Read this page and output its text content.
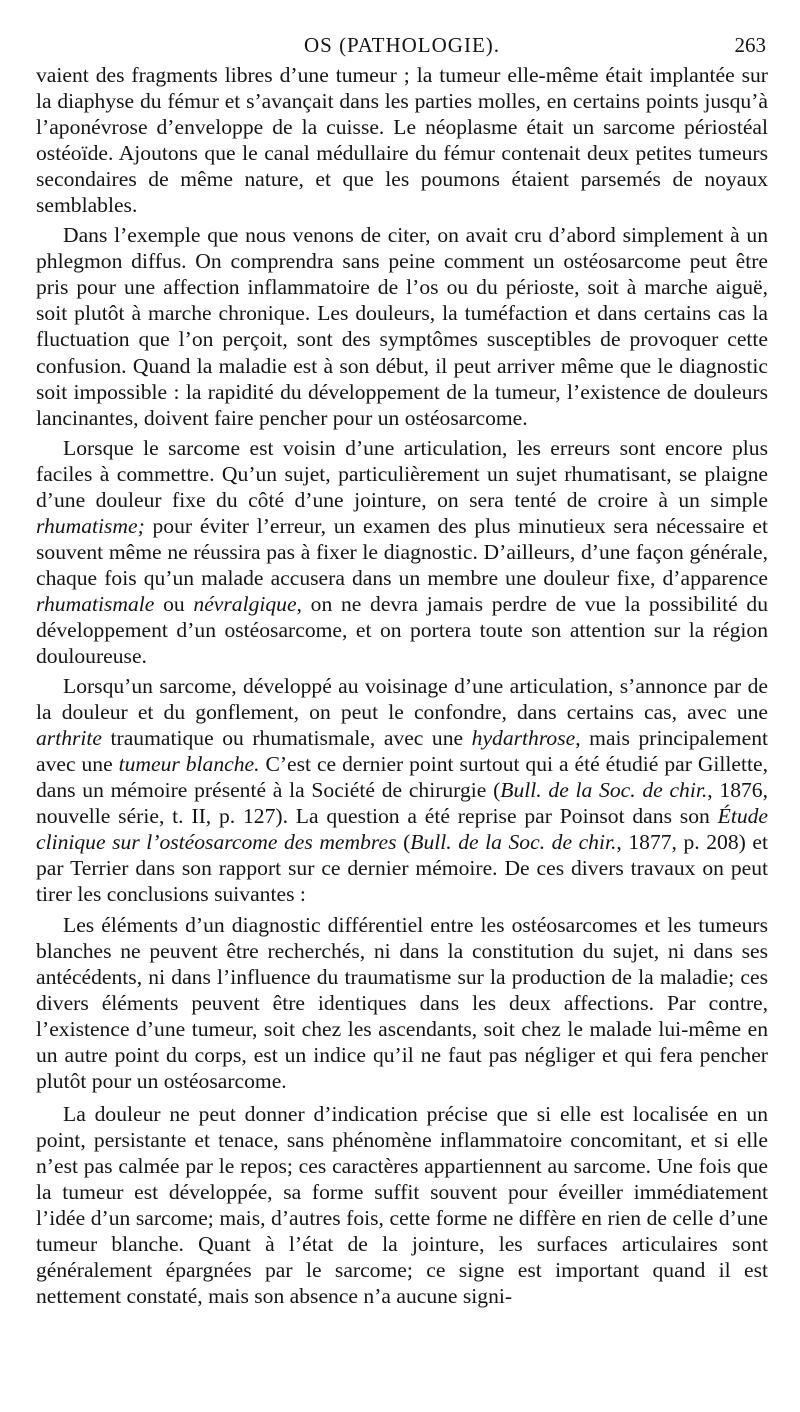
OS (PATHOLOGIE).	263

vaient des fragments libres d’une tumeur ; la tumeur elle-même était implantée sur la diaphyse du fémur et s’avançait dans les parties molles, en certains points jusqu’à l’aponévrose d’enveloppe de la cuisse. Le néoplasme était un sarcome périostéal ostéoïde. Ajoutons que le canal médullaire du fémur contenait deux petites tumeurs secondaires de même nature, et que les poumons étaient parsemés de noyaux semblables.

Dans l’exemple que nous venons de citer, on avait cru d’abord simplement à un phlegmon diffus. On comprendra sans peine comment un ostéosarcome peut être pris pour une affection inflammatoire de l’os ou du périoste, soit à marche aiguë, soit plutôt à marche chronique. Les douleurs, la tuméfaction et dans certains cas la fluctuation que l’on perçoit, sont des symptômes susceptibles de provoquer cette confusion. Quand la maladie est à son début, il peut arriver même que le diagnostic soit impossible : la rapidité du développement de la tumeur, l’existence de douleurs lancinantes, doivent faire pencher pour un ostéosarcome.

Lorsque le sarcome est voisin d’une articulation, les erreurs sont encore plus faciles à commettre. Qu’un sujet, particulièrement un sujet rhumatisant, se plaigne d’une douleur fixe du côté d’une jointure, on sera tenté de croire à un simple rhumatisme; pour éviter l’erreur, un examen des plus minutieux sera nécessaire et souvent même ne réussira pas à fixer le diagnostic. D’ailleurs, d’une façon générale, chaque fois qu’un malade accusera dans un membre une douleur fixe, d’apparence rhumatismale ou névralgique, on ne devra jamais perdre de vue la possibilité du développement d’un ostéosarcome, et on portera toute son attention sur la région douloureuse.

Lorsqu’un sarcome, développé au voisinage d’une articulation, s’annonce par de la douleur et du gonflement, on peut le confondre, dans certains cas, avec une arthrite traumatique ou rhumatismale, avec une hydarthrose, mais principalement avec une tumeur blanche. C’est ce dernier point surtout qui a été étudié par Gillette, dans un mémoire présenté à la Société de chirurgie (Bull. de la Soc. de chir., 1876, nouvelle série, t. II, p. 127). La question a été reprise par Poinsot dans son Étude clinique sur l’ostéosarcome des membres (Bull. de la Soc. de chir., 1877, p. 208) et par Terrier dans son rapport sur ce dernier mémoire. De ces divers travaux on peut tirer les conclusions suivantes :

Les éléments d’un diagnostic différentiel entre les ostéosarcomes et les tumeurs blanches ne peuvent être recherchés, ni dans la constitution du sujet, ni dans ses antécédents, ni dans l’influence du traumatisme sur la production de la maladie; ces divers éléments peuvent être identiques dans les deux affections. Par contre, l’existence d’une tumeur, soit chez les ascendants, soit chez le malade lui-même en un autre point du corps, est un indice qu’il ne faut pas négliger et qui fera pencher plutôt pour un ostéosarcome.

La douleur ne peut donner d’indication précise que si elle est localisée en un point, persistante et tenace, sans phénomène inflammatoire concomitant, et si elle n’est pas calmée par le repos; ces caractères appartiennent au sarcome. Une fois que la tumeur est développée, sa forme suffit souvent pour éveiller immédiatement l’idée d’un sarcome; mais, d’autres fois, cette forme ne diffère en rien de celle d’une tumeur blanche. Quant à l’état de la jointure, les surfaces articulaires sont généralement épargnées par le sarcome; ce signe est important quand il est nettement constaté, mais son absence n’a aucune signi-
